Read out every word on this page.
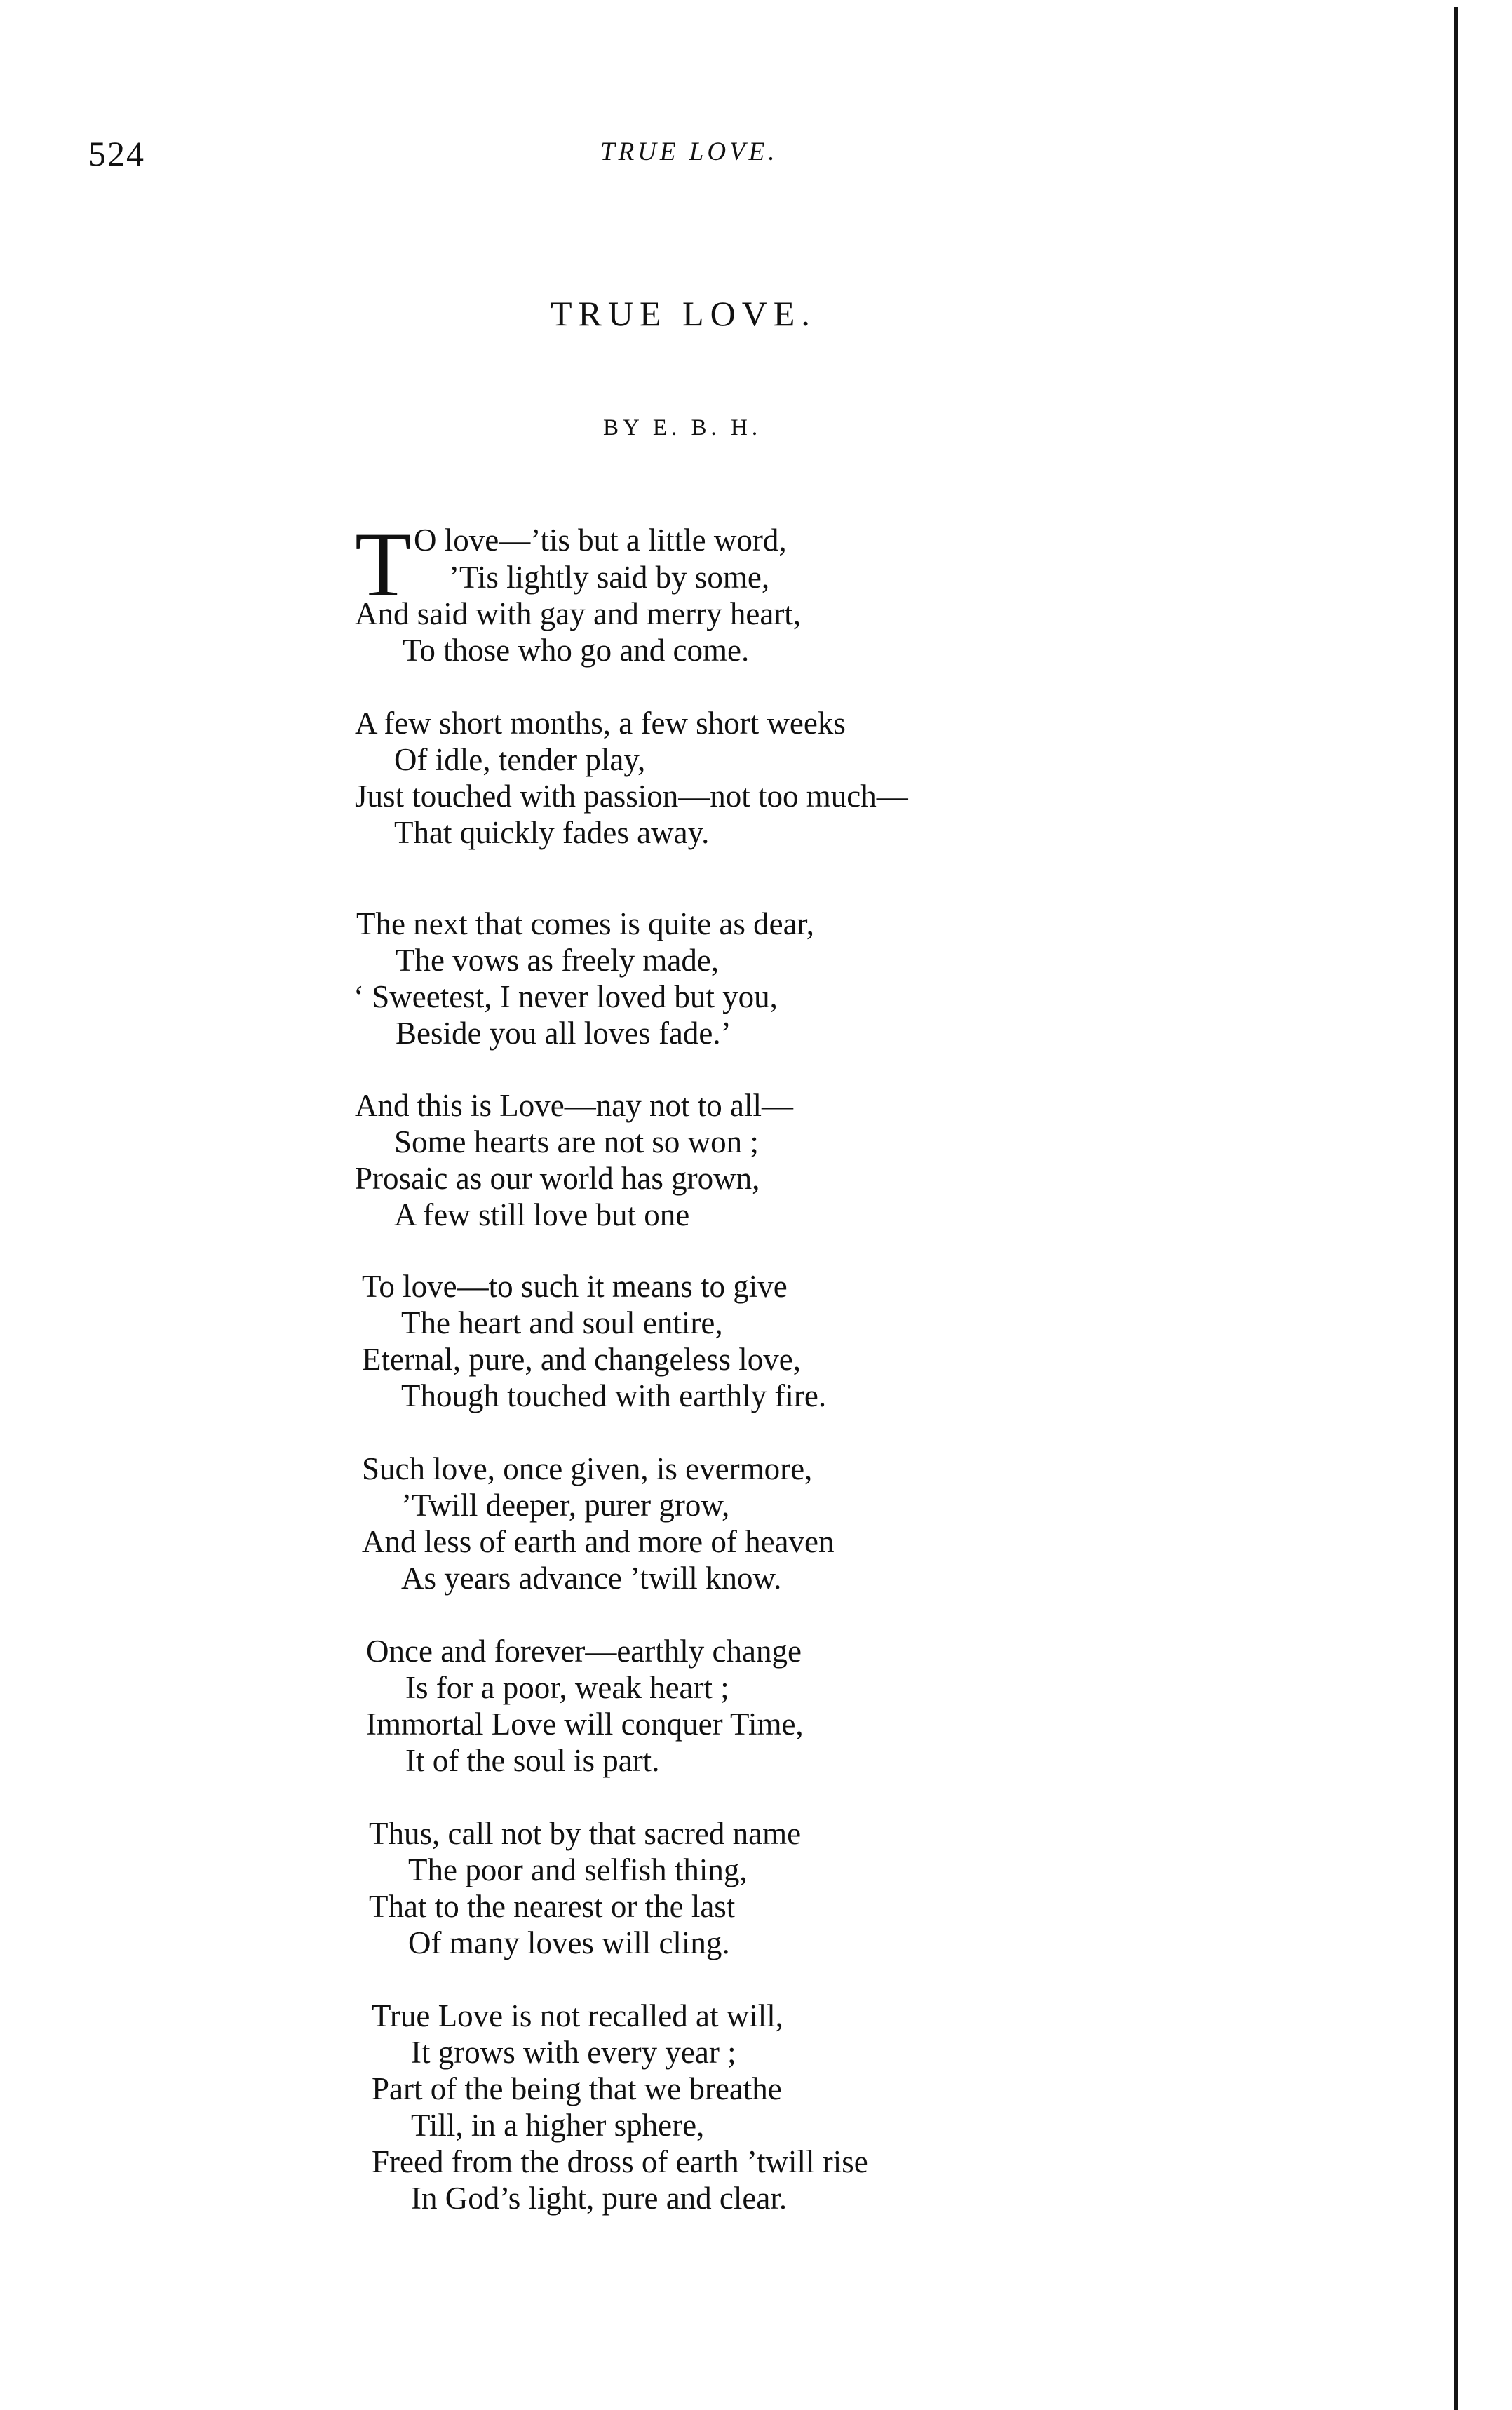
524	TRUE LOVE.
TRUE LOVE.
BY E. B. H.
T O love—’tis but a little word,
’Tis lightly said by some,
And said with gay and merry heart,
To those who go and come.
A few short months, a few short weeks
Of idle, tender play,
Just touched with passion—not too much—
That quickly fades away.
The next that comes is quite as dear,
The vows as freely made,
‘ Sweetest, I never loved but you,
Beside you all loves fade.’
And this is Love—nay not to all—
Some hearts are not so won ;
Prosaic as our world has grown,
A few still love but one
To love—to such it means to give
The heart and soul entire,
Eternal, pure, and changeless love,
Though touched with earthly fire.
Such love, once given, is evermore,
’Twill deeper, purer grow,
And less of earth and more of heaven
As years advance ’twill know.
Once and forever—earthly change
Is for a poor, weak heart ;
Immortal Love will conquer Time,
It of the soul is part.
Thus, call not by that sacred name
The poor and selfish thing,
That to the nearest or the last
Of many loves will cling.
True Love is not recalled at will,
It grows with every year ;
Part of the being that we breathe
Till, in a higher sphere,
Freed from the dross of earth ’twill rise
In God’s light, pure and clear.
